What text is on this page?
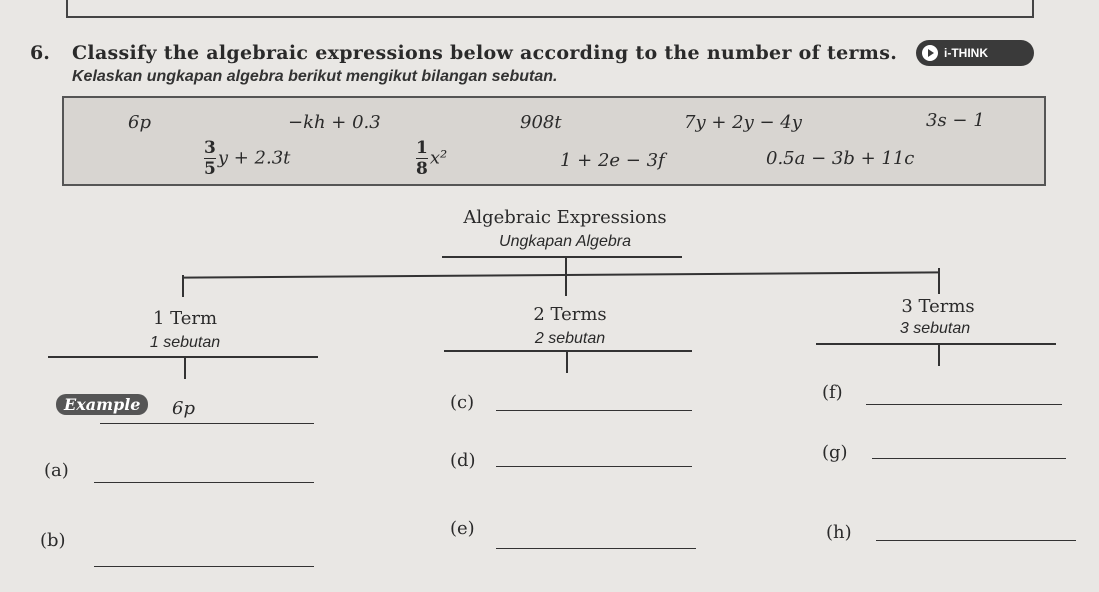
6. Classify the algebraic expressions below according to the number of terms.
Kelaskan ungkapan algebra berikut mengikut bilangan sebutan.
i-THINK
6p	−kh + 0.3	908t	7y + 2y − 4y	3s − 1
$\frac{3}{5}$ y + 2.3t	$\frac{1}{8} x^2$	1 + 2e − 3f	0.5a − 3b + 11c
Algebraic Expressions
Ungkapan Algebra
1 Term
1 sebutan
2 Terms
2 sebutan
3 Terms
3 sebutan
Example	6p
(a)
(b)
(c)
(d)
(e)
(f)
(g)
(h)
